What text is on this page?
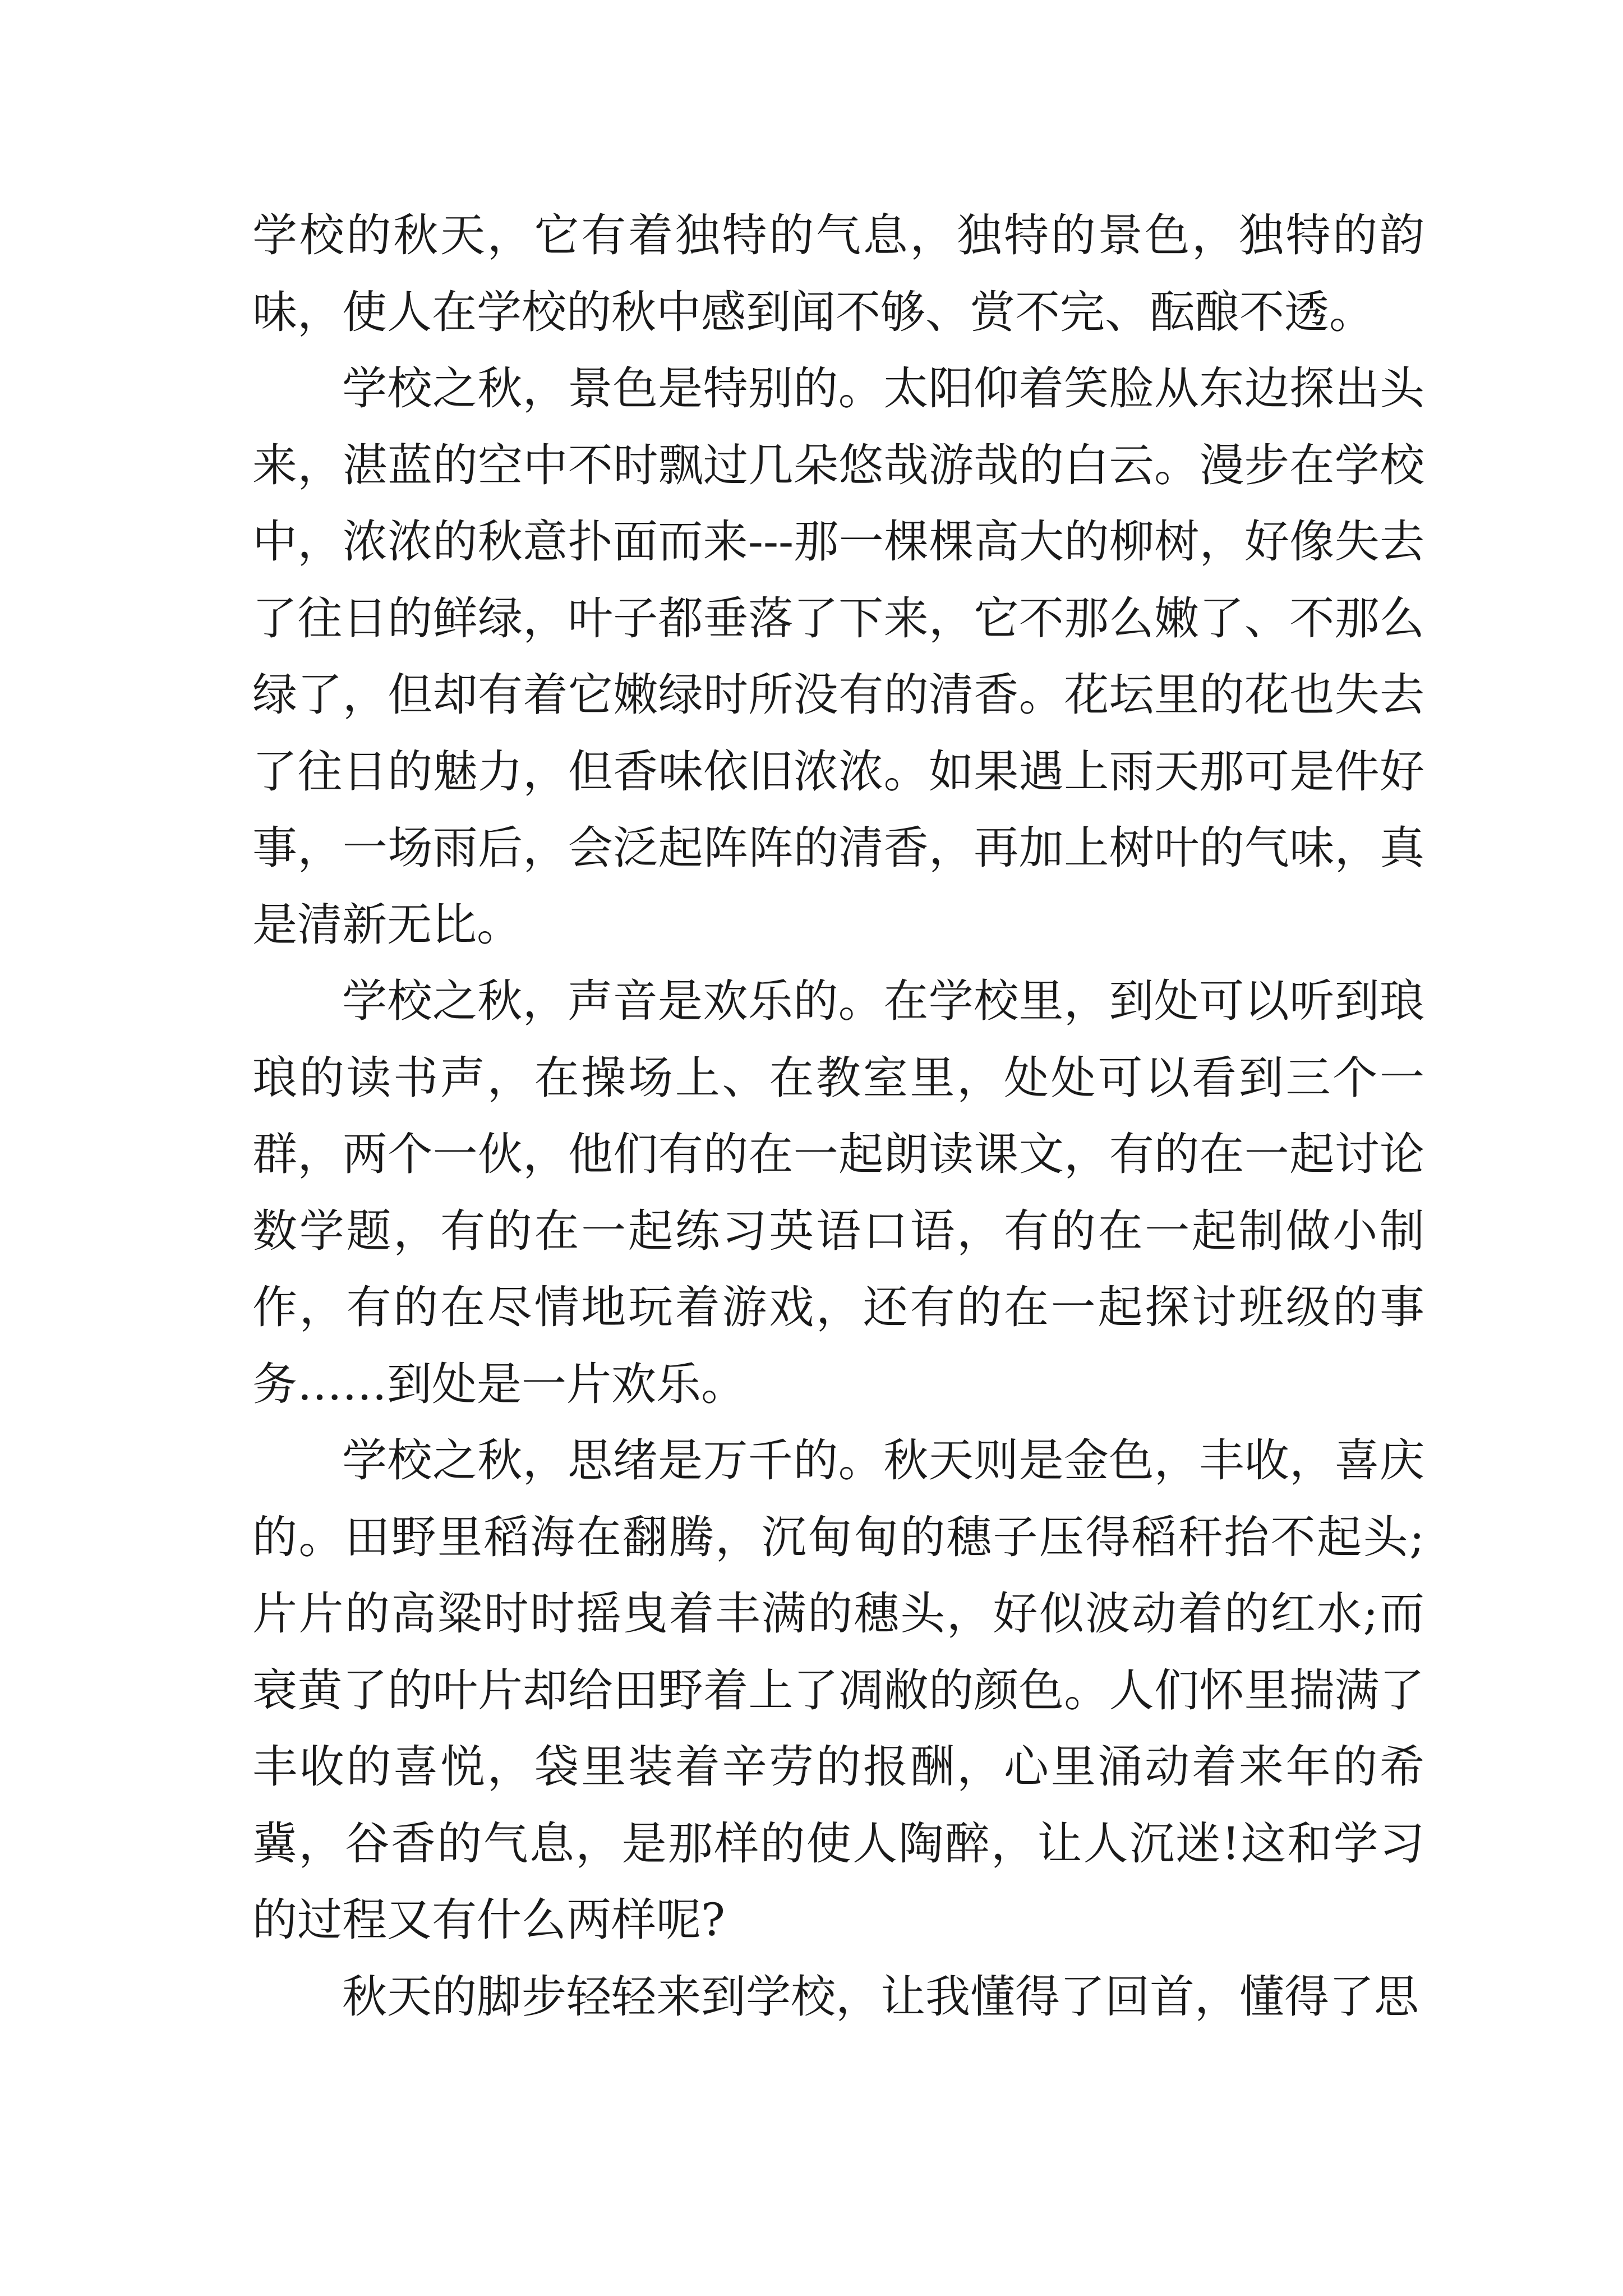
学校的秋天，它有着独特的气息，独特的景色，独特的韵味，使人在学校的秋中感到闻不够、赏不完、酝酿不透。

学校之秋，景色是特别的。太阳仰着笑脸从东边探出头来，湛蓝的空中不时飘过几朵悠哉游哉的白云。漫步在学校中，浓浓的秋意扑面而来---那一棵棵高大的柳树，好像失去了往日的鲜绿，叶子都垂落了下来，它不那么嫩了、不那么绿了，但却有着它嫩绿时所没有的清香。花坛里的花也失去了往日的魅力，但香味依旧浓浓。如果遇上雨天那可是件好事，一场雨后，会泛起阵阵的清香，再加上树叶的气味，真是清新无比。

学校之秋，声音是欢乐的。在学校里，到处可以听到琅琅的读书声，在操场上、在教室里，处处可以看到三个一群，两个一伙，他们有的在一起朗读课文，有的在一起讨论数学题，有的在一起练习英语口语，有的在一起制做小制作，有的在尽情地玩着游戏，还有的在一起探讨班级的事务……到处是一片欢乐。

学校之秋，思绪是万千的。秋天则是金色，丰收，喜庆的。田野里稻海在翻腾，沉甸甸的穗子压得稻秆抬不起头;片片的高粱时时摇曳着丰满的穗头，好似波动着的红水;而衰黄了的叶片却给田野着上了凋敝的颜色。人们怀里揣满了丰收的喜悦，袋里装着辛劳的报酬，心里涌动着来年的希冀，谷香的气息，是那样的使人陶醉，让人沉迷!这和学习的过程又有什么两样呢?

秋天的脚步轻轻来到学校，让我懂得了回首，懂得了思
